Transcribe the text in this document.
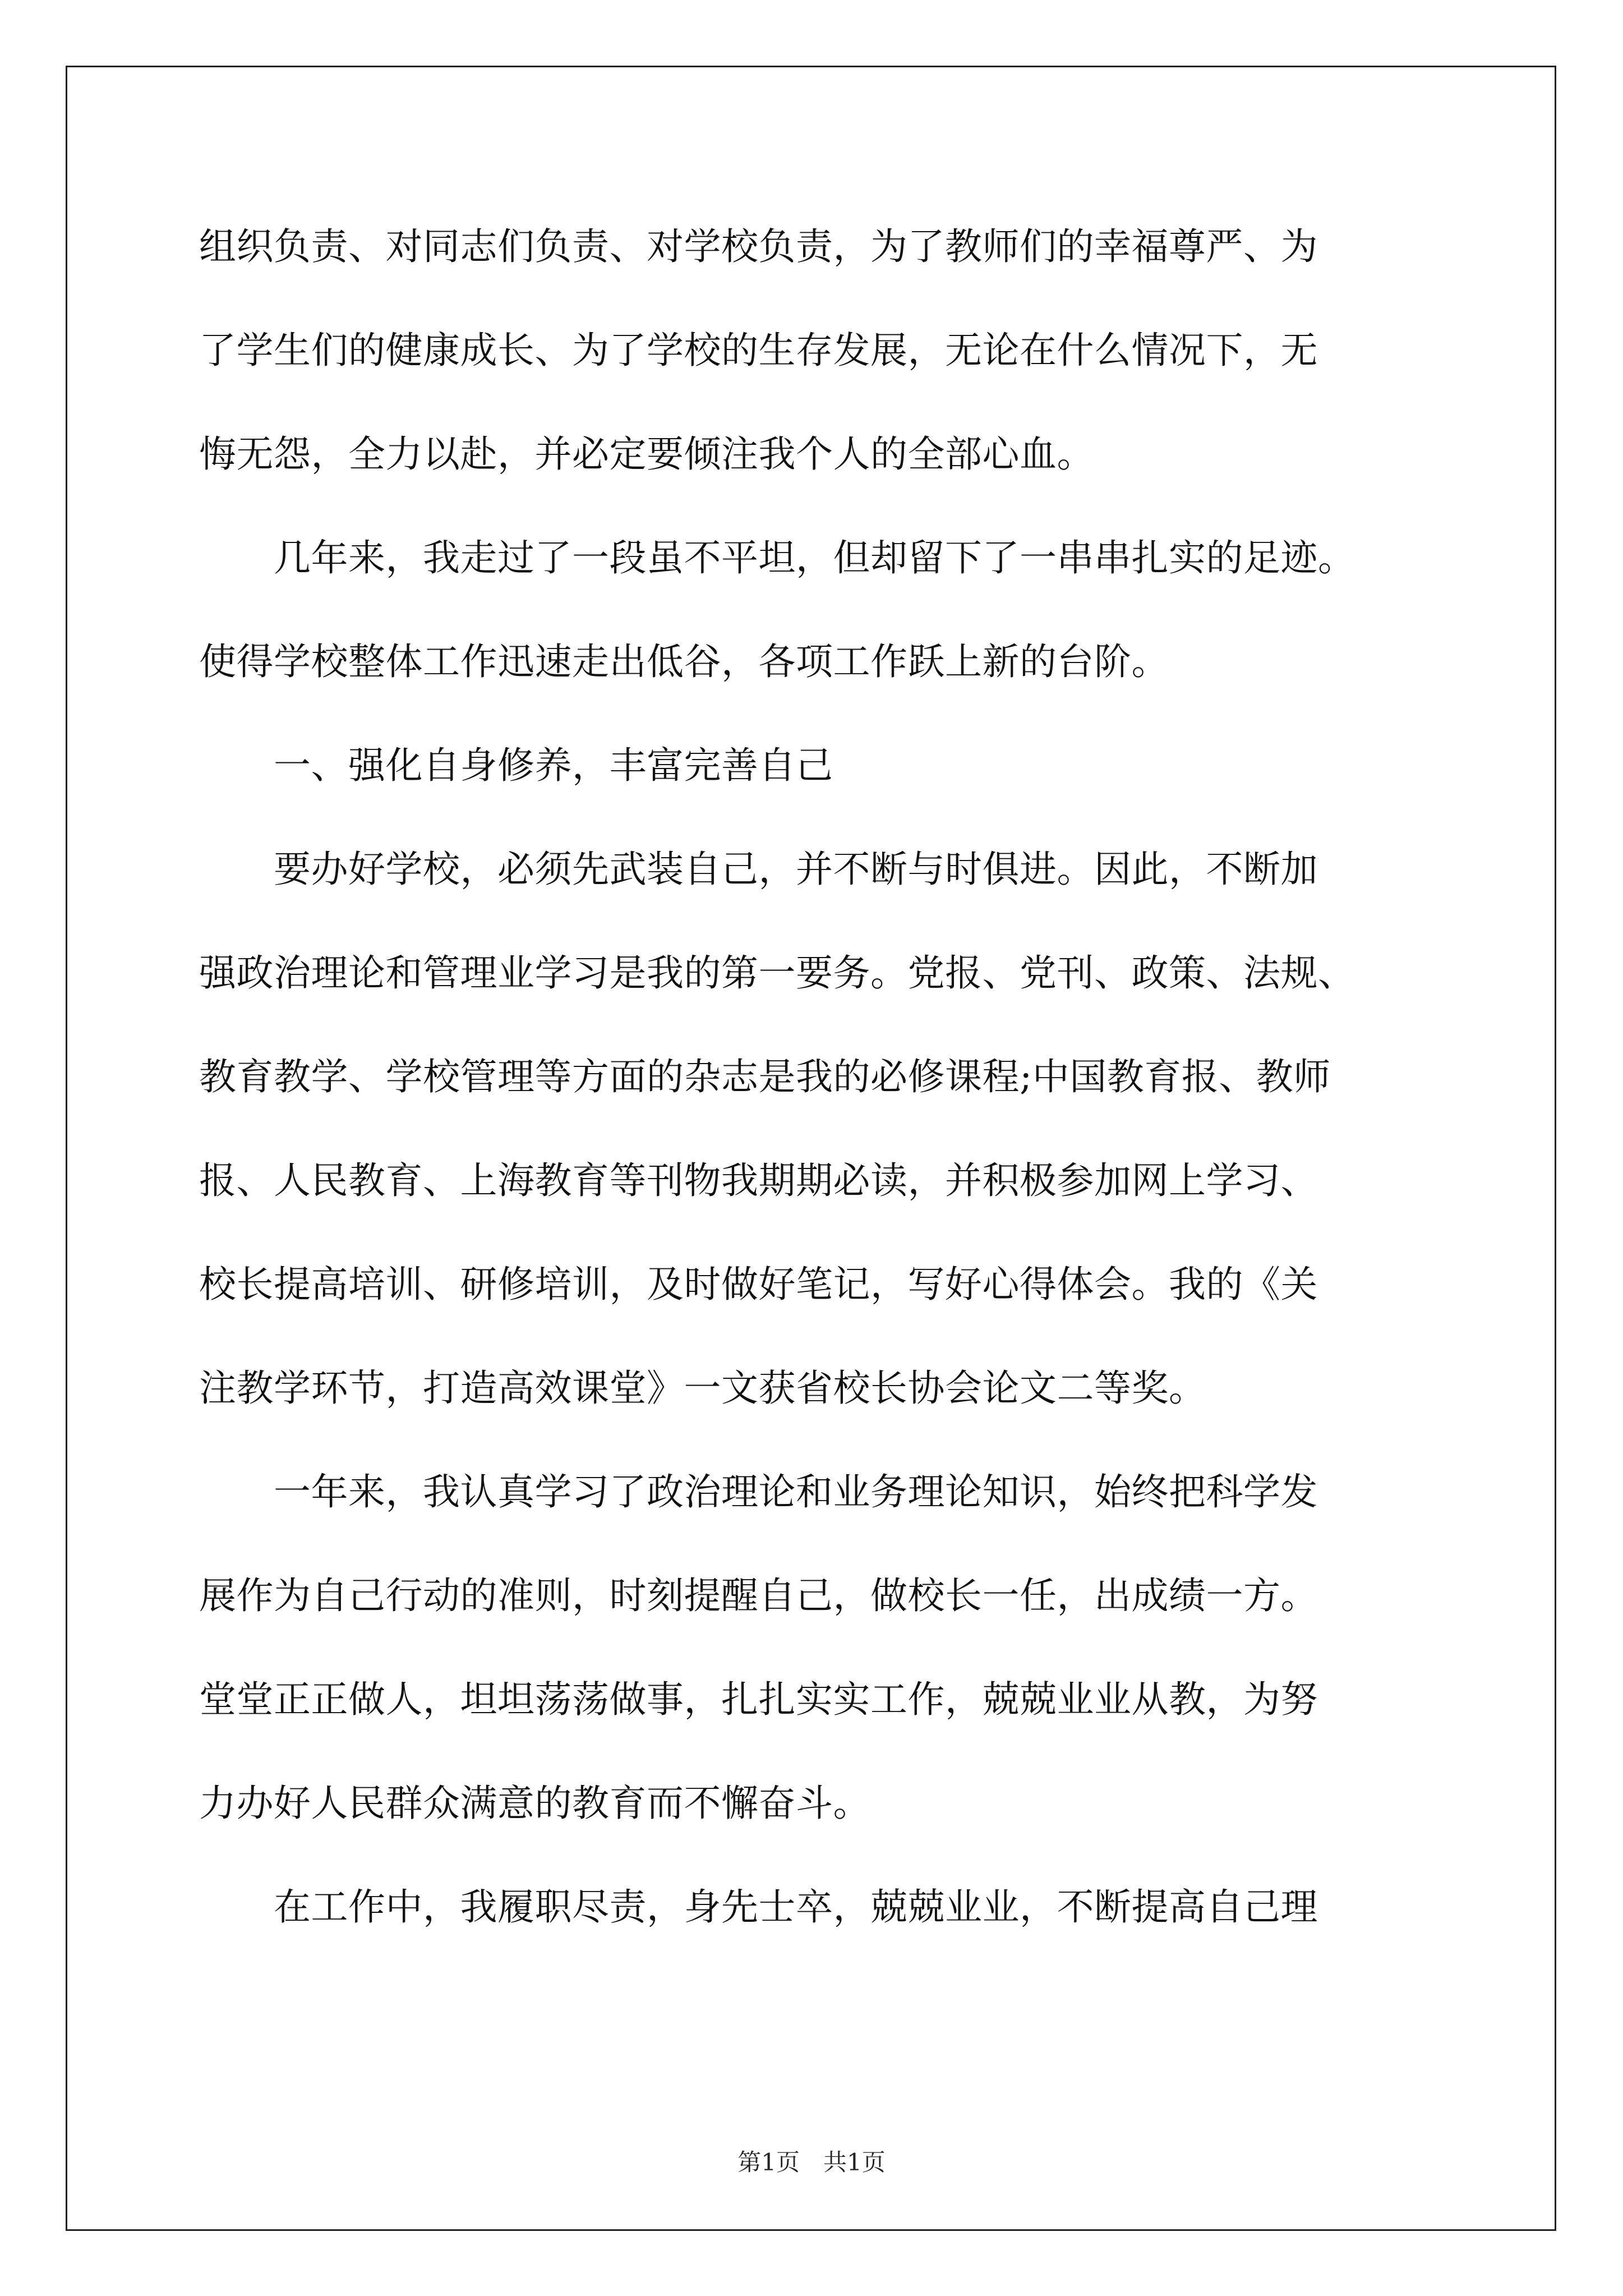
组织负责、对同志们负责、对学校负责，为了教师们的幸福尊严、为
了学生们的健康成长、为了学校的生存发展，无论在什么情况下，无
悔无怨，全力以赴，并必定要倾注我个人的全部心血。
　　几年来，我走过了一段虽不平坦，但却留下了一串串扎实的足迹。
使得学校整体工作迅速走出低谷，各项工作跃上新的台阶。
　　一、强化自身修养，丰富完善自己
　　要办好学校，必须先武装自己，并不断与时俱进。因此，不断加
强政治理论和管理业学习是我的第一要务。党报、党刊、政策、法规、
教育教学、学校管理等方面的杂志是我的必修课程;中国教育报、教师
报、人民教育、上海教育等刊物我期期必读，并积极参加网上学习、
校长提高培训、研修培训，及时做好笔记，写好心得体会。我的《关
注教学环节，打造高效课堂》一文获省校长协会论文二等奖。
　　一年来，我认真学习了政治理论和业务理论知识，始终把科学发
展作为自己行动的准则，时刻提醒自己，做校长一任，出成绩一方。
堂堂正正做人，坦坦荡荡做事，扎扎实实工作，兢兢业业从教，为努
力办好人民群众满意的教育而不懈奋斗。
　　在工作中，我履职尽责，身先士卒，兢兢业业，不断提高自己理
第1页　共1页
